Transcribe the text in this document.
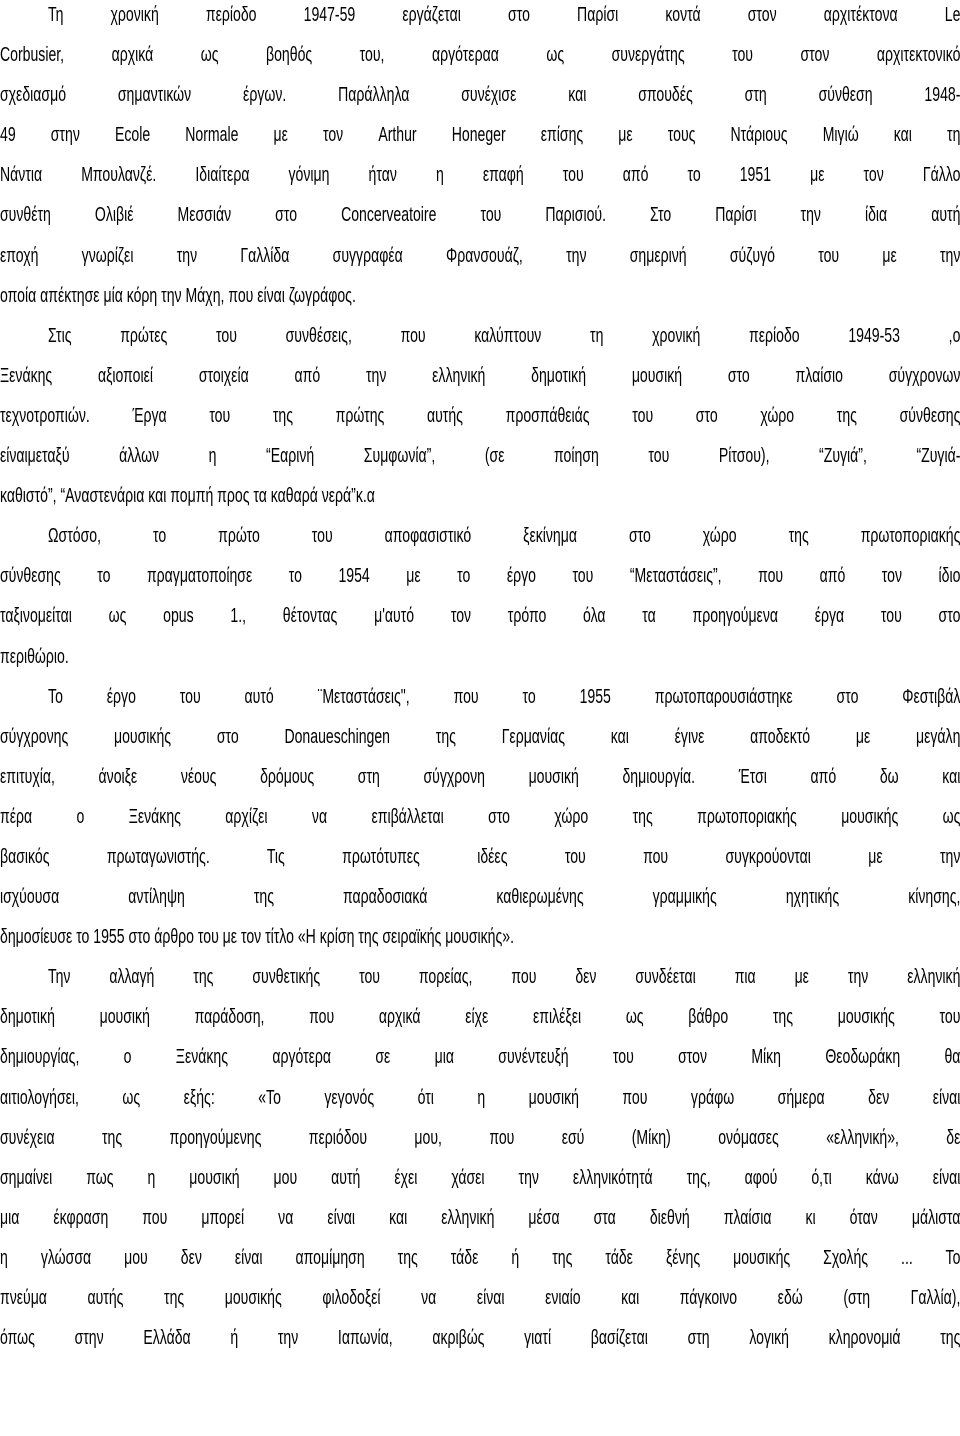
Τη χρονική περίοδο 1947-59 εργάζεται στο Παρίσι κοντά στον αρχιτέκτονα Le
Corbusier, αρχικά ως βοηθός του, αργότεραα ως συνεργάτης του στον αρχιτεκτονικό
σχεδιασμό σημαντικών έργων. Παράλληλα συνέχισε και σπουδές στη σύνθεση 1948-
49 στην Ecole Normale με τον Arthur Honeger επίσης με τους Ντάριους Μιγιώ και τη
Νάντια Μπουλανζέ. Ιδιαίτερα γόνιμη ήταν η επαφή του από το 1951 με τον Γάλλο
συνθέτη Ολιβιέ Μεσσιάν στο Concerveatoire του Παρισιού. Στο Παρίσι την ίδια αυτή
εποχή γνωρίζει την Γαλλίδα συγγραφέα Φρανσουάζ, την σημερινή σύζυγό του με την
οποία απέκτησε μία κόρη την Μάχη, που είναι ζωγράφος.
Στις πρώτες του συνθέσεις, που καλύπτουν τη χρονική περίοδο 1949-53 ,ο
Ξενάκης αξιοποιεί στοιχεία από την ελληνική δημοτική μουσική στο πλαίσιο σύγχρονων
τεχνοτροπιών. Έργα του της πρώτης αυτής προσπάθειάς του στο χώρο της σύνθεσης
είναιμεταξύ άλλων η “Εαρινή Συμφωνία”, (σε ποίηση του Ρίτσου), “Ζυγιά”, “Ζυγιά-
καθιστό”, “Αναστενάρια και πομπή προς τα καθαρά νερά”κ.α
Ωστόσο, το πρώτο του αποφασιστικό ξεκίνημα στο χώρο της πρωτοποριακής
σύνθεσης το πραγματοποίησε το 1954 με το έργο του “Μεταστάσεις”, που από τον ίδιο
ταξινομείται ως opus 1., θέτοντας μ'αυτό τον τρόπο όλα τα προηγούμενα έργα του στο
περιθώριο.
Το έργο του αυτό ¨Μεταστάσεις", που το 1955 πρωτοπαρουσιάστηκε στο Φεστιβάλ
σύγχρονης μουσικής στο Donaueschingen της Γερμανίας και έγινε αποδεκτό με μεγάλη
επιτυχία, άνοιξε νέους δρόμους στη σύγχρονη μουσική δημιουργία. Έτσι από δω και
πέρα ο Ξενάκης αρχίζει να επιβάλλεται στο χώρο της πρωτοποριακής μουσικής ως
βασικός πρωταγωνιστής. Τις πρωτότυπες ιδέες του που συγκρούονται με την
ισχύουσα αντίληψη της παραδοσιακά καθιερωμένης γραμμικής ηχητικής κίνησης,
δημοσίευσε το 1955 στο άρθρο του με τον τίτλο «Η κρίση της σειραϊκής μουσικής».
Την αλλαγή της συνθετικής του πορείας, που δεν συνδέεται πια με την ελληνική
δημοτική μουσική παράδοση, που αρχικά είχε επιλέξει ως βάθρο της μουσικής του
δημιουργίας, ο Ξενάκης αργότερα σε μια συνέντευξή του στον Μίκη Θεοδωράκη θα
αιτιολογήσει, ως εξής: «Το γεγονός ότι η μουσική που γράφω σήμερα δεν είναι
συνέχεια της προηγούμενης περιόδου μου, που εσύ (Μίκη) ονόμασες «ελληνική», δε
σημαίνει πως η μουσική μου αυτή έχει χάσει την ελληνικότητά της, αφού ό,τι κάνω είναι
μια έκφραση που μπορεί να είναι και ελληνική μέσα στα διεθνή πλαίσια κι όταν μάλιστα
η γλώσσα μου δεν είναι απομίμηση της τάδε ή της τάδε ξένης μουσικής Σχολής ... Το
πνεύμα αυτής της μουσικής φιλοδοξεί να είναι ενιαίο και πάγκοινο εδώ (στη Γαλλία),
όπως στην Ελλάδα ή την Ιαπωνία, ακριβώς γιατί βασίζεται στη λογική κληρονομιά της
